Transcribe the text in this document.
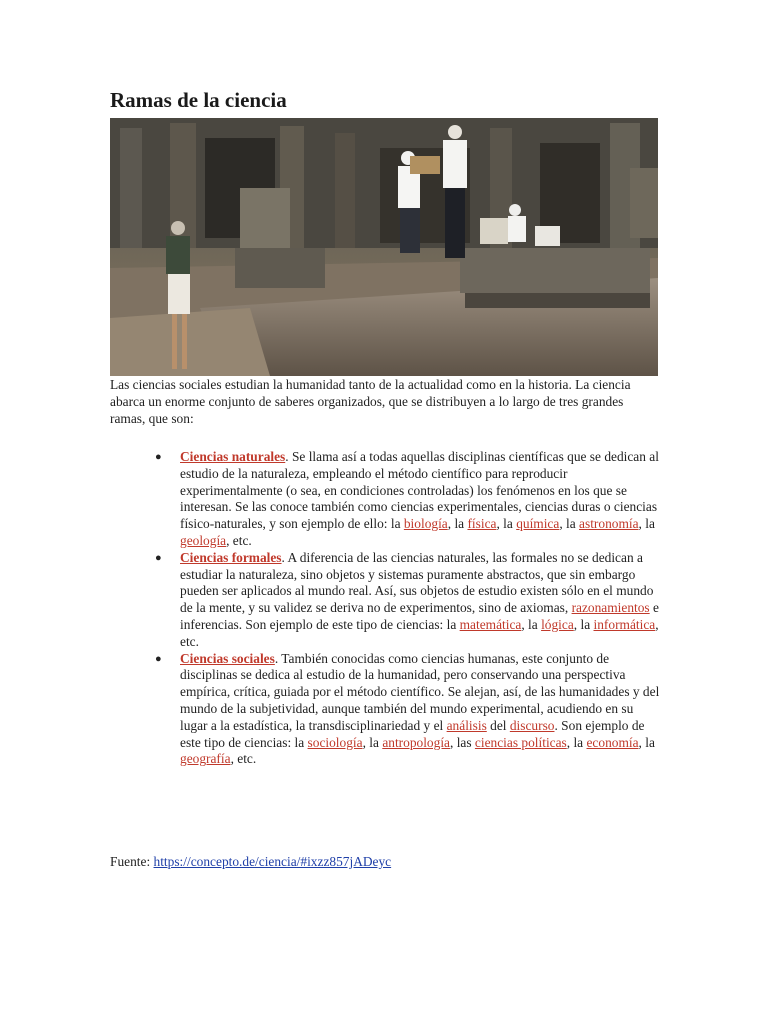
Ramas de la ciencia

Las ciencias sociales estudian la humanidad tanto de la actualidad como en la historia. La ciencia abarca un enorme conjunto de saberes organizados, que se distribuyen a lo largo de tres grandes ramas, que son:

● Ciencias naturales. Se llama así a todas aquellas disciplinas científicas que se dedican al estudio de la naturaleza, empleando el método científico para reproducir experimentalmente (o sea, en condiciones controladas) los fenómenos en los que se interesan. Se las conoce también como ciencias experimentales, ciencias duras o ciencias físico-naturales, y son ejemplo de ello: la biología, la física, la química, la astronomía, la geología, etc.
● Ciencias formales. A diferencia de las ciencias naturales, las formales no se dedican a estudiar la naturaleza, sino objetos y sistemas puramente abstractos, que sin embargo pueden ser aplicados al mundo real. Así, sus objetos de estudio existen sólo en el mundo de la mente, y su validez se deriva no de experimentos, sino de axiomas, razonamientos e inferencias. Son ejemplo de este tipo de ciencias: la matemática, la lógica, la informática, etc.
● Ciencias sociales. También conocidas como ciencias humanas, este conjunto de disciplinas se dedica al estudio de la humanidad, pero conservando una perspectiva empírica, crítica, guiada por el método científico. Se alejan, así, de las humanidades y del mundo de la subjetividad, aunque también del mundo experimental, acudiendo en su lugar a la estadística, la transdisciplinariedad y el análisis del discurso. Son ejemplo de este tipo de ciencias: la sociología, la antropología, las ciencias políticas, la economía, la geografía, etc.
Fuente: https://concepto.de/ciencia/#ixzz857jADeyc
